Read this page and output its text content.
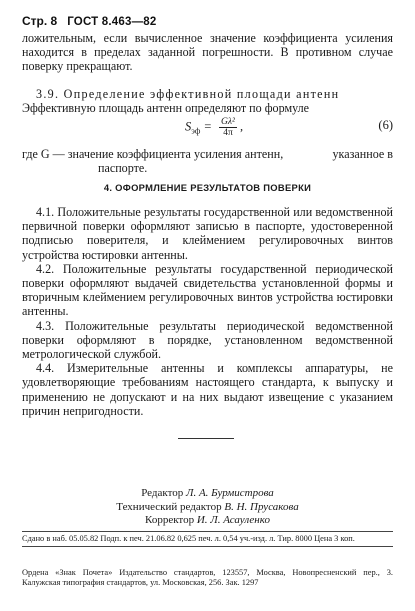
Стр. 8 ГОСТ 8.463—82

ложительным, если вычисленное значение коэффициента усиления находится в пределах заданной погрешности. В противном случае поверку прекращают.

3.9. Определение эффективной площади антенн

Эффективную площадь антенн определяют по формуле

$S_{эф} = \frac{\text{Gλ²}}{4\pi}$ ,	(6)
где G — значение коэффициента усиления антенн,	указанное в
паспорте.
4. ОФОРМЛЕНИЕ РЕЗУЛЬТАТОВ ПОВЕРКИ

4.1. Положительные результаты государственной или ведомственной первичной поверки оформляют записью в паспорте, удостоверенной подписью поверителя, и клеймением регулировочных винтов устройства юстировки антенны.

4.2. Положительные результаты государственной периодической поверки оформляют выдачей свидетельства установленной формы и вторичным клеймением регулировочных винтов устройства юстировки антенны.

4.3. Положительные результаты периодической ведомственной поверки оформляют в порядке, установленном ведомственной метрологической службой.

4.4. Измерительные антенны и комплексы аппаратуры, не удовлетворяющие требованиям настоящего стандарта, к выпуску и применению не допускают и на них выдают извещение с указанием причин непригодности.

Редактор Л. А. Бурмистрова
Технический редактор В. Н. Прусакова
Корректор И. Л. Асауленко

Сдано в наб. 05.05.82 Подп. к печ. 21.06.82 0,625 печ. л. 0,54 уч.-изд. л. Тир. 8000 Цена 3 коп.

Ордена «Знак Почета» Издательство стандартов, 123557, Москва, Новопресненский пер., 3.

Калужская типография стандартов, ул. Московская, 256. Зак. 1297
